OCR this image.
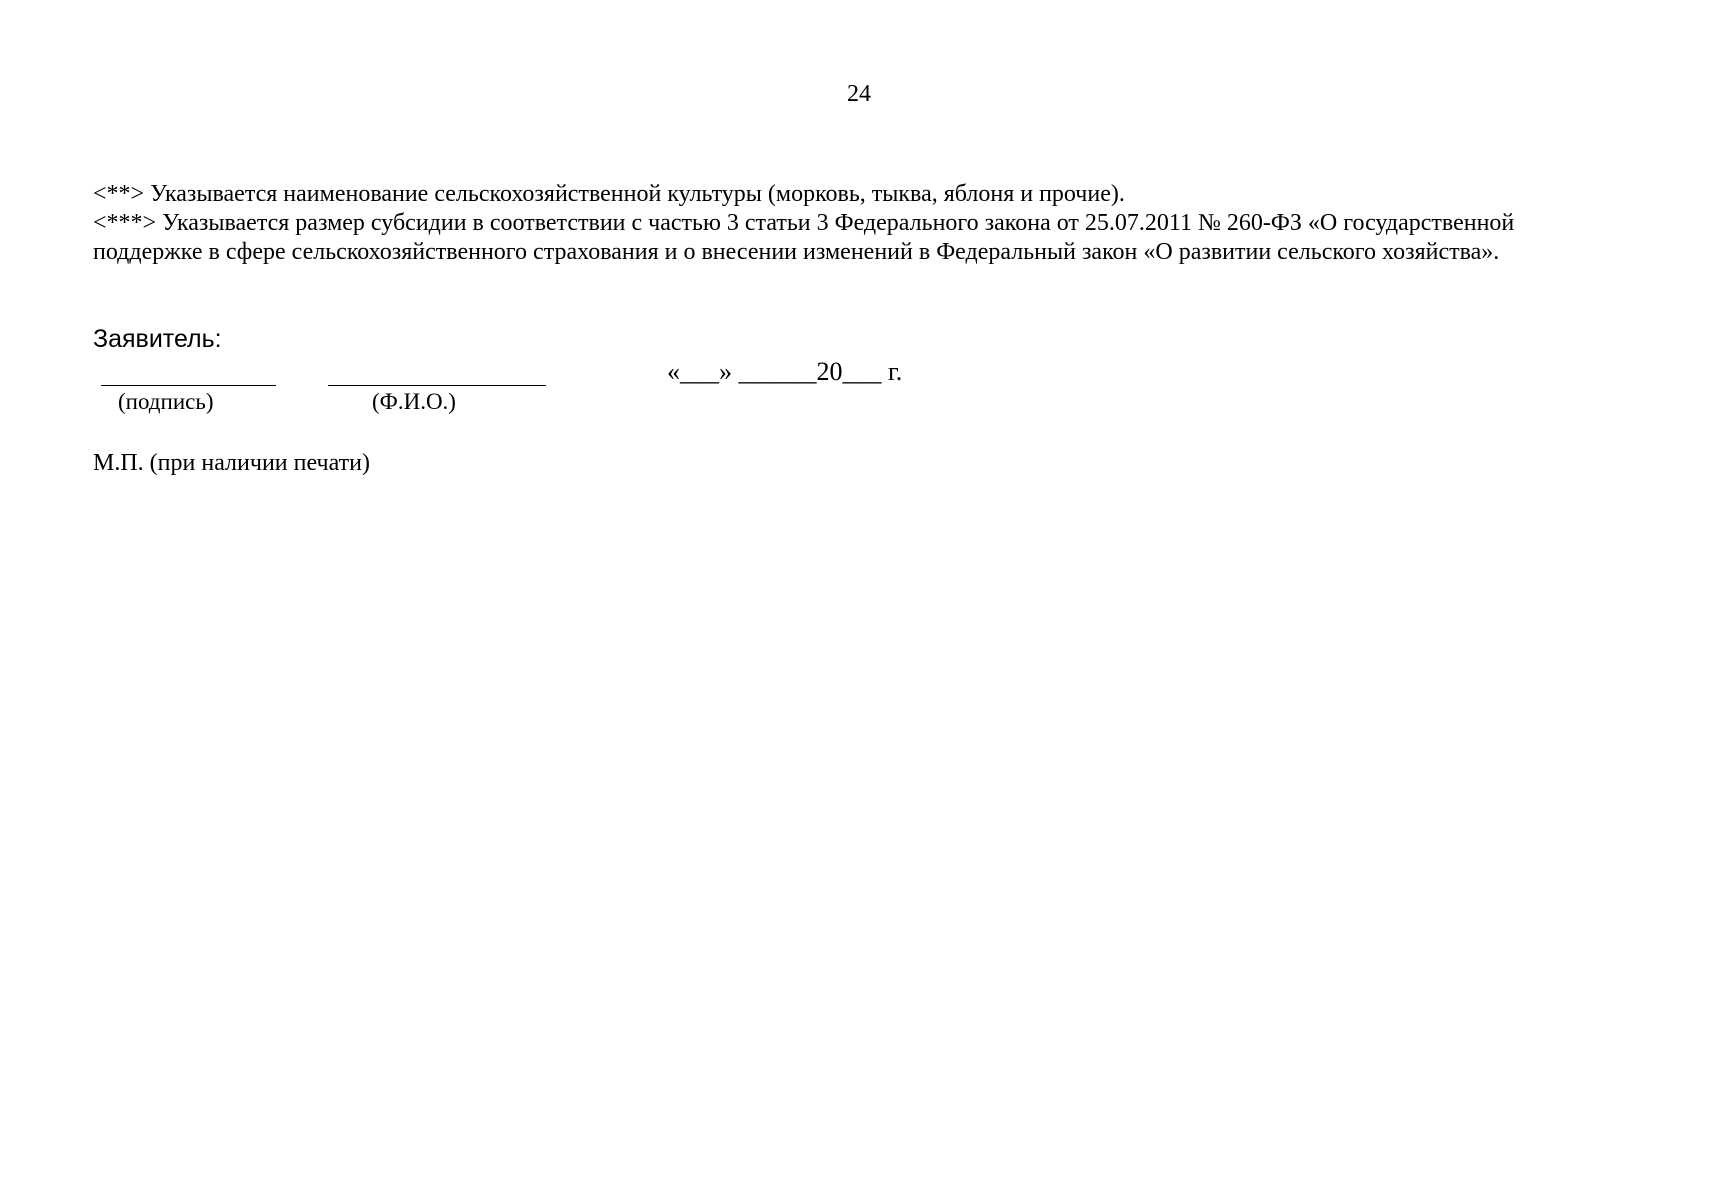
24

<**> Указывается наименование сельскохозяйственной культуры (морковь, тыква, яблоня и прочие).

<***> Указывается размер субсидии в соответствии с частью 3 статьи 3 Федерального закона от 25.07.2011 № 260-ФЗ «О государственной поддержке в сфере сельскохозяйственного страхования и о внесении изменений в Федеральный закон «О развитии сельского хозяйства».

Заявитель:
(подпись)	(Ф.И.О.)
«___» ______20___ г.
М.П. (при наличии печати)
